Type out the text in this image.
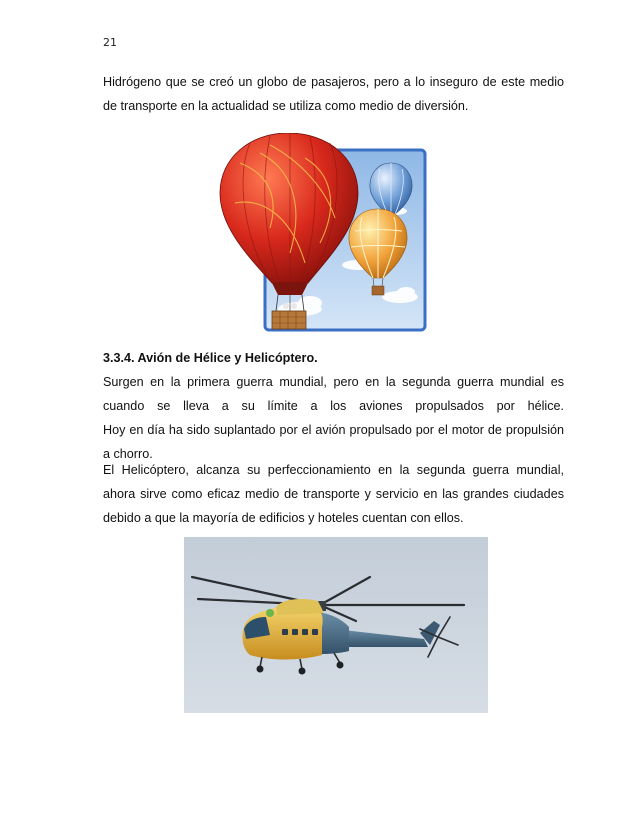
21

Hidrógeno que se creó un globo de pasajeros, pero a lo inseguro de este medio de transporte en la actualidad se utiliza como medio de diversión.

3.3.4. Avión de Hélice y Helicóptero.
Surgen en la primera guerra mundial, pero en la segunda guerra mundial es
cuando se lleva a su límite a los aviones propulsados por hélice.
Hoy en día ha sido suplantado por el avión propulsado por el motor de propulsión
a chorro.

El Helicóptero, alcanza su perfeccionamiento en la segunda guerra mundial, ahora sirve como eficaz medio de transporte y servicio en las grandes ciudades debido a que la mayoría de edificios y hoteles cuentan con ellos.
